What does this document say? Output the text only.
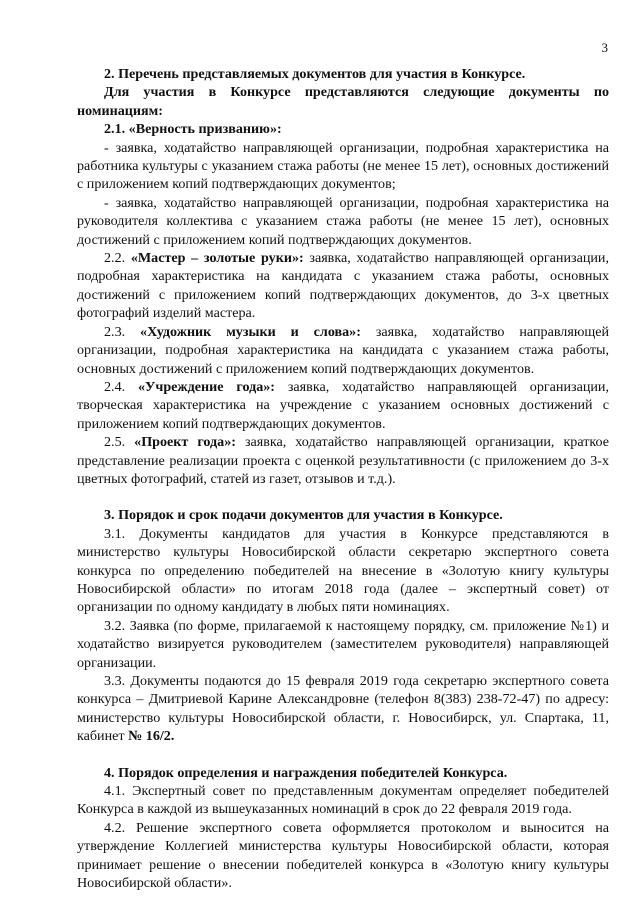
3

2. Перечень представляемых документов для участия в Конкурсе.

Для участия в Конкурсе представляются следующие документы по номинациям:

2.1. «Верность призванию»:

- заявка, ходатайство направляющей организации, подробная характеристика на работника культуры с указанием стажа работы (не менее 15 лет), основных достижений с приложением копий подтверждающих документов;

- заявка, ходатайство направляющей организации, подробная характеристика на руководителя коллектива с указанием стажа работы (не менее 15 лет), основных достижений с приложением копий подтверждающих документов.

2.2. «Мастер – золотые руки»: заявка, ходатайство направляющей организации, подробная характеристика на кандидата с указанием стажа работы, основных достижений с приложением копий подтверждающих документов, до 3-х цветных фотографий изделий мастера.

2.3. «Художник музыки и слова»: заявка, ходатайство направляющей организации, подробная характеристика на кандидата с указанием стажа работы, основных достижений с приложением копий подтверждающих документов.

2.4. «Учреждение года»: заявка, ходатайство направляющей организации, творческая характеристика на учреждение с указанием основных достижений с приложением копий подтверждающих документов.

2.5. «Проект года»: заявка, ходатайство направляющей организации, краткое представление реализации проекта с оценкой результативности (с приложением до 3-х цветных фотографий, статей из газет, отзывов и т.д.).

3. Порядок и срок подачи документов для участия в Конкурсе.

3.1. Документы кандидатов для участия в Конкурсе представляются в министерство культуры Новосибирской области секретарю экспертного совета конкурса по определению победителей на внесение в «Золотую книгу культуры Новосибирской области» по итогам 2018 года (далее – экспертный совет) от организации по одному кандидату в любых пяти номинациях.

3.2. Заявка (по форме, прилагаемой к настоящему порядку, см. приложение №1) и ходатайство визируется руководителем (заместителем руководителя) направляющей организации.

3.3. Документы подаются до 15 февраля 2019 года секретарю экспертного совета конкурса – Дмитриевой Карине Александровне (телефон 8(383) 238-72-47) по адресу: министерство культуры Новосибирской области, г. Новосибирск, ул. Спартака, 11, кабинет № 16/2.

4. Порядок определения и награждения победителей Конкурса.

4.1. Экспертный совет по представленным документам определяет победителей Конкурса в каждой из вышеуказанных номинаций в срок до 22 февраля 2019 года.

4.2. Решение экспертного совета оформляется протоколом и выносится на утверждение Коллегией министерства культуры Новосибирской области, которая принимает решение о внесении победителей конкурса в «Золотую книгу культуры Новосибирской области».
